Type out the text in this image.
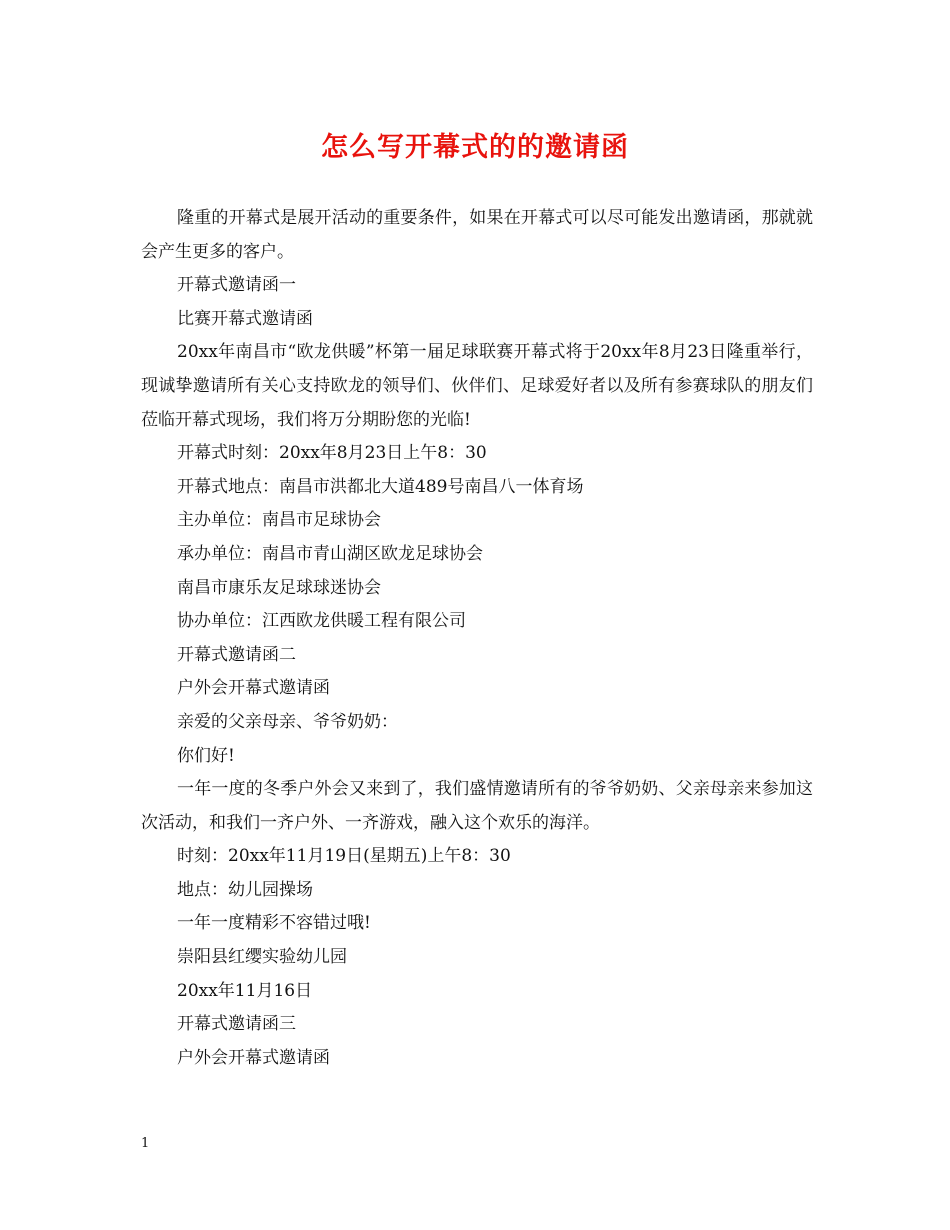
怎么写开幕式的的邀请函

隆重的开幕式是展开活动的重要条件，如果在开幕式可以尽可能发出邀请函，那就就会产生更多的客户。

开幕式邀请函一

比赛开幕式邀请函

20xx年南昌市“欧龙供暖”杯第一届足球联赛开幕式将于20xx年8月23日隆重举行，现诚挚邀请所有关心支持欧龙的领导们、伙伴们、足球爱好者以及所有参赛球队的朋友们莅临开幕式现场，我们将万分期盼您的光临!

开幕式时刻：20xx年8月23日上午8：30

开幕式地点：南昌市洪都北大道489号南昌八一体育场

主办单位：南昌市足球协会

承办单位：南昌市青山湖区欧龙足球协会

南昌市康乐友足球球迷协会

协办单位：江西欧龙供暖工程有限公司

开幕式邀请函二

户外会开幕式邀请函

亲爱的父亲母亲、爷爷奶奶：

你们好!

一年一度的冬季户外会又来到了，我们盛情邀请所有的爷爷奶奶、父亲母亲来参加这次活动，和我们一齐户外、一齐游戏，融入这个欢乐的海洋。

时刻：20xx年11月19日(星期五)上午8：30

地点：幼儿园操场

一年一度精彩不容错过哦!

崇阳县红缨实验幼儿园

20xx年11月16日

开幕式邀请函三

户外会开幕式邀请函

1
